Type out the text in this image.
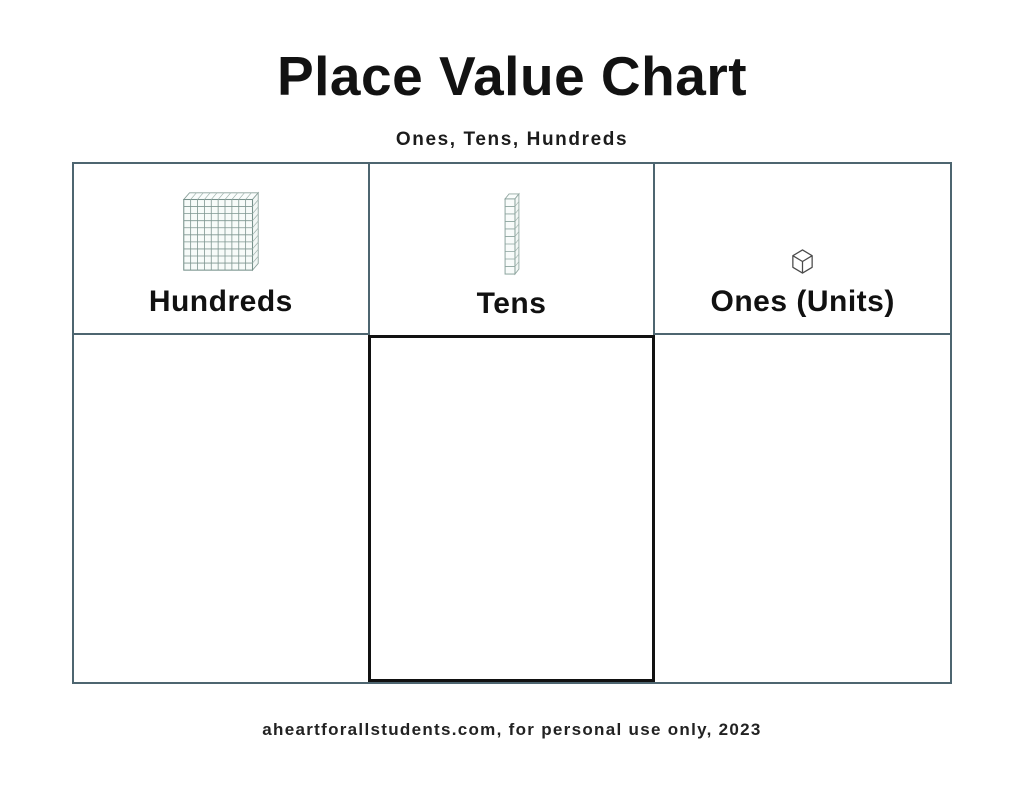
Place Value Chart
Ones, Tens, Hundreds
Hundreds	Tens	Ones (Units)
aheartforallstudents.com, for personal use only, 2023
